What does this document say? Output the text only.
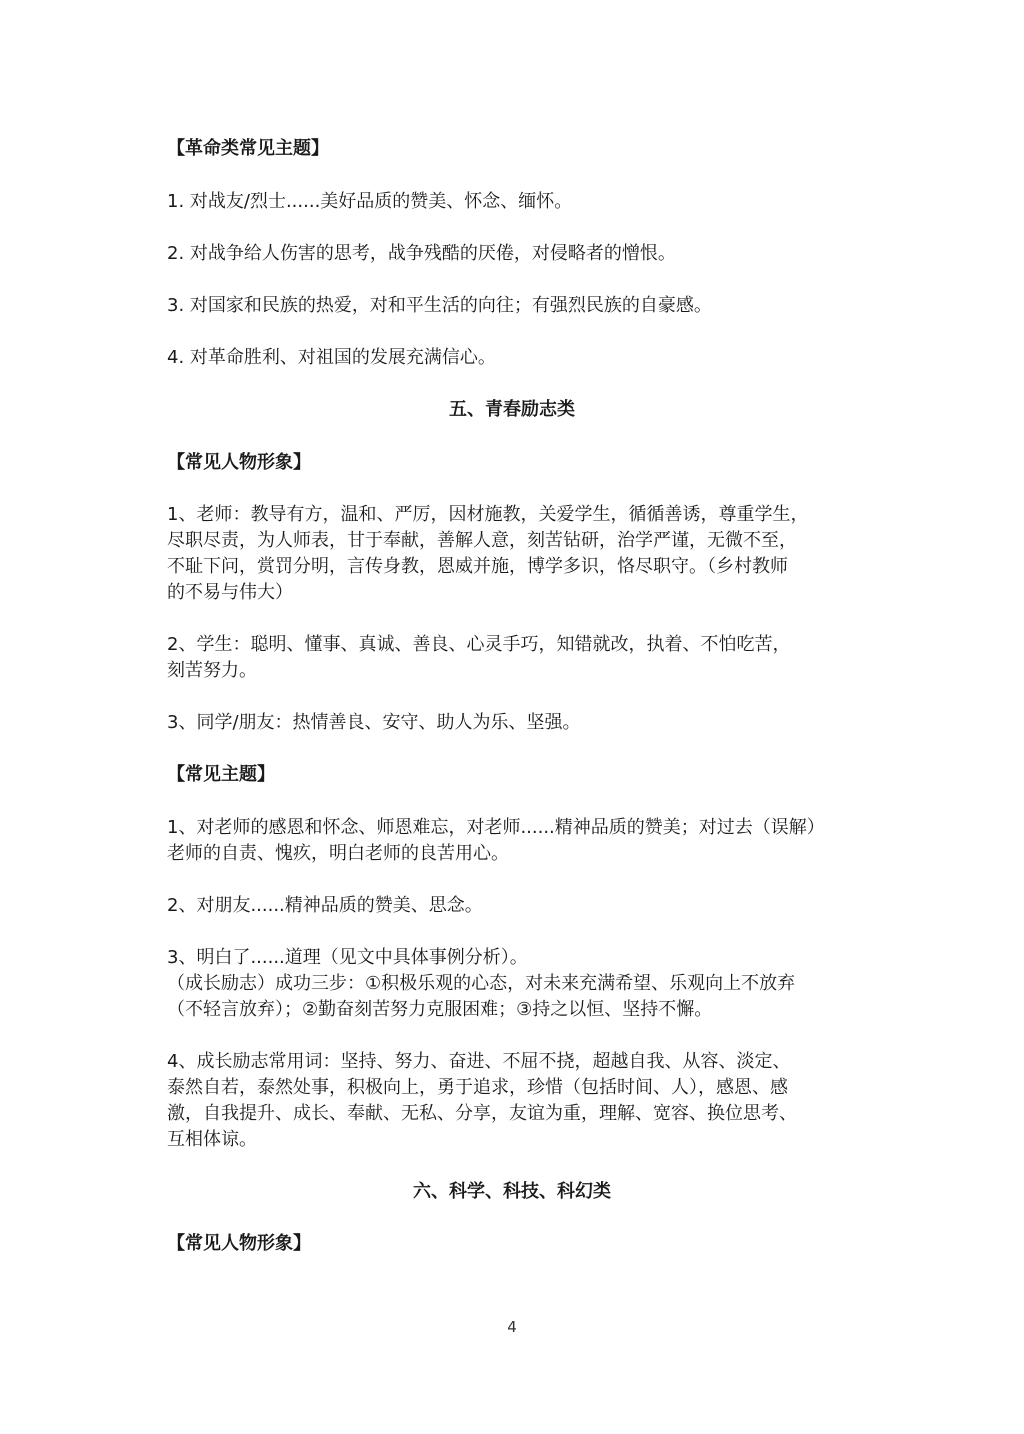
【革命类常见主题】

1. 对战友/烈士......美好品质的赞美、怀念、缅怀。

2. 对战争给人伤害的思考，战争残酷的厌倦，对侵略者的憎恨。

3. 对国家和民族的热爱，对和平生活的向往；有强烈民族的自豪感。

4. 对革命胜利、对祖国的发展充满信心。

五、青春励志类

【常见人物形象】

1、老师：教导有方，温和、严厉，因材施教，关爱学生，循循善诱，尊重学生，

尽职尽责，为人师表，甘于奉献，善解人意，刻苦钻研，治学严谨，无微不至，

不耻下问，赏罚分明，言传身教，恩威并施，博学多识，恪尽职守。（乡村教师

的不易与伟大）

2、学生：聪明、懂事、真诚、善良、心灵手巧，知错就改，执着、不怕吃苦，

刻苦努力。

3、同学/朋友：热情善良、安守、助人为乐、坚强。

【常见主题】

1、对老师的感恩和怀念、师恩难忘，对老师......精神品质的赞美；对过去（误解）

老师的自责、愧疚，明白老师的良苦用心。

2、对朋友......精神品质的赞美、思念。

3、明白了......道理（见文中具体事例分析）。

（成长励志）成功三步：①积极乐观的心态，对未来充满希望、乐观向上不放弃

（不轻言放弃）；②勤奋刻苦努力克服困难；③持之以恒、坚持不懈。

4、成长励志常用词：坚持、努力、奋进、不屈不挠，超越自我、从容、淡定、

泰然自若，泰然处事，积极向上，勇于追求，珍惜（包括时间、人），感恩、感

激，自我提升、成长、奉献、无私、分享，友谊为重，理解、宽容、换位思考、

互相体谅。

六、科学、科技、科幻类

【常见人物形象】

4
